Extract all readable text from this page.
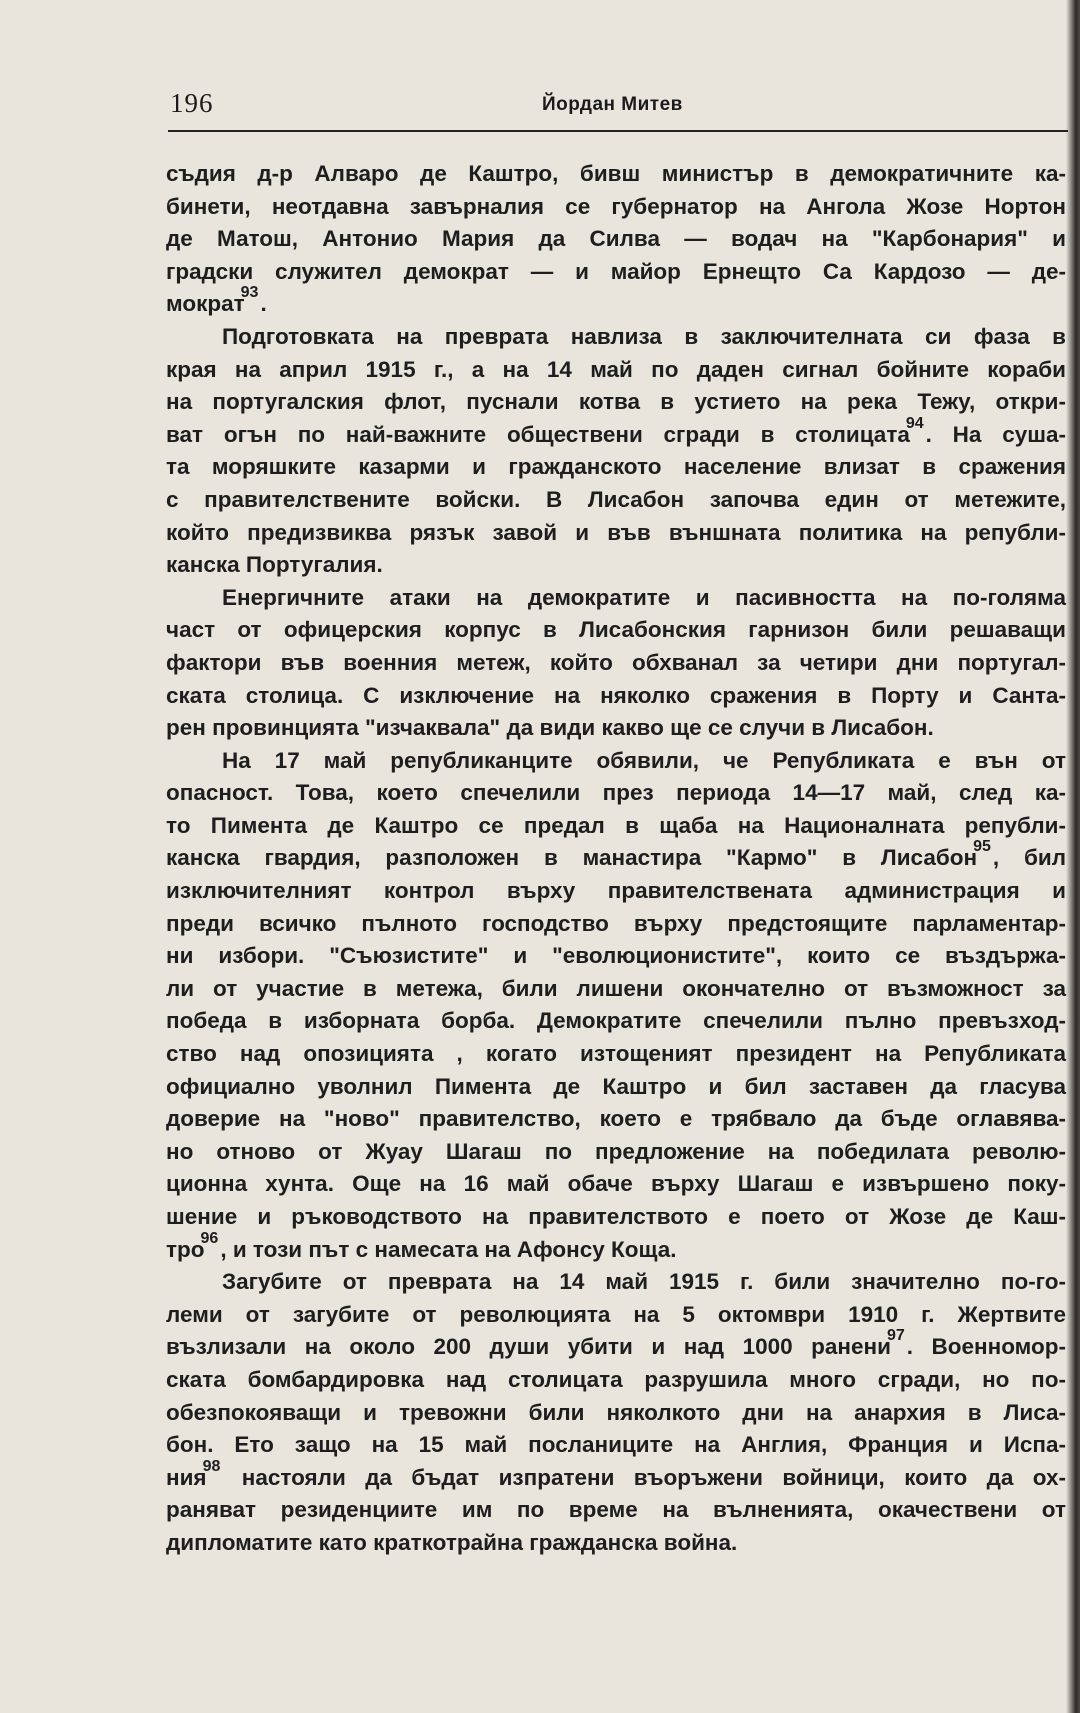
196	Йордан Митев
съдия д-р Алваро де Каштро, бивш министър в демократичните ка-
бинети, неотдавна завърналия се губернатор на Ангола Жозе Нортон
де Матош, Антонио Мария да Силва — водач на "Карбонария" и
градски служител демократ — и майор Ернещто Са Кардозо — де-
мократ$^{93}$.
Подготовката на преврата навлиза в заключителната си фаза в
края на април 1915 г., а на 14 май по даден сигнал бойните кораби
на португалския флот, пуснали котва в устието на река Тежу, откри-
ват огън по най-важните обществени сгради в столицата$^{94}$. На суша-
та моряшките казарми и гражданското население влизат в сражения
с правителствените войски. В Лисабон започва един от метежите,
който предизвиква рязък завой и във външната политика на републи-
канска Португалия.
Енергичните атаки на демократите и пасивността на по-голяма
част от офицерския корпус в Лисабонския гарнизон били решаващи
фактори във военния метеж, който обхванал за четири дни португал-
ската столица. С изключение на няколко сражения в Порту и Санта-
рен провинцията "изчаквала" да види какво ще се случи в Лисабон.
На 17 май републиканците обявили, че Републиката е вън от
опасност. Това, което спечелили през периода 14—17 май, след ка-
то Пимента де Каштро се предал в щаба на Националната републи-
канска гвардия, разположен в манастира "Кармо" в Лисабон$^{95}$, бил
изключителният контрол върху правителствената администрация и
преди всичко пълното господство върху предстоящите парламентар-
ни избори. "Съюзистите" и "еволюционистите", които се въздържа-
ли от участие в метежа, били лишени окончателно от възможност за
победа в изборната борба. Демократите спечелили пълно превъзход-
ство над опозицията , когато изтощеният президент на Републиката
официално уволнил Пимента де Каштро и бил заставен да гласува
доверие на "ново" правителство, което е трябвало да бъде оглавява-
но отново от Жуау Шагаш по предложение на победилата револю-
ционна хунта. Още на 16 май обаче върху Шагаш е извършено поку-
шение и ръководството на правителството е поето от Жозе де Каш-
тро$^{96}$, и този път с намесата на Афонсу Коща.
Загубите от преврата на 14 май 1915 г. били значително по-го-
леми от загубите от революцията на 5 октомври 1910 г. Жертвите
възлизали на около 200 души убити и над 1000 ранени$^{97}$. Военномор-
ската бомбардировка над столицата разрушила много сгради, но по-
обезпокояващи и тревожни били няколкото дни на анархия в Лиса-
бон. Ето защо на 15 май посланиците на Англия, Франция и Испа-
ния$^{98}$ настояли да бъдат изпратени въоръжени войници, които да ох-
раняват резиденциите им по време на вълненията, окачествени от
дипломатите като краткотрайна гражданска война.
